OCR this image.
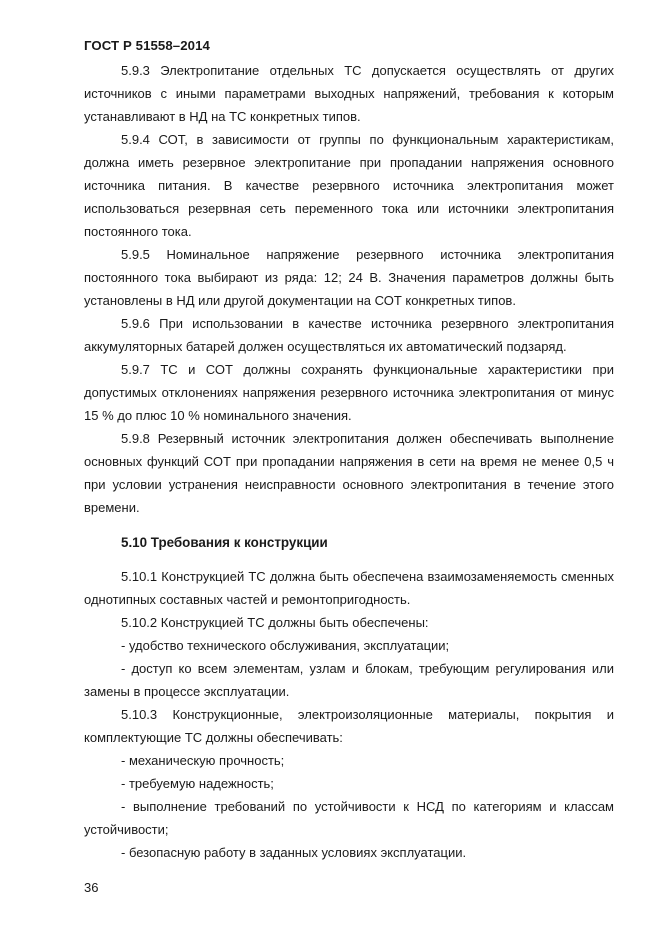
ГОСТ Р 51558–2014

5.9.3 Электропитание отдельных ТС допускается осуществлять от других источников с иными параметрами выходных напряжений, требования к которым устанавливают в НД на ТС конкретных типов.

5.9.4 СОТ, в зависимости от группы по функциональным характеристикам, должна иметь резервное электропитание при пропадании напряжения основного источника питания. В качестве резервного источника электропитания может использоваться резервная сеть переменного тока или источники электропитания постоянного тока.

5.9.5 Номинальное напряжение резервного источника электропитания постоянного тока выбирают из ряда: 12; 24 В. Значения параметров должны быть установлены в НД или другой документации на СОТ конкретных типов.

5.9.6 При использовании в качестве источника резервного электропитания аккумуляторных батарей должен осуществляться их автоматический подзаряд.

5.9.7 ТС и СОТ должны сохранять функциональные характеристики при допустимых отклонениях напряжения резервного источника электропитания от минус 15 % до плюс 10 % номинального значения.

5.9.8 Резервный источник электропитания должен обеспечивать выполнение основных функций СОТ при пропадании напряжения в сети на время не менее 0,5 ч при условии устранения неисправности основного электропитания в течение этого времени.

5.10 Требования к конструкции

5.10.1 Конструкцией ТС должна быть обеспечена взаимозаменяемость сменных однотипных составных частей и ремонтопригодность.

5.10.2 Конструкцией ТС должны быть обеспечены:

- удобство технического обслуживания, эксплуатации;

- доступ ко всем элементам, узлам и блокам, требующим регулирования или замены в процессе эксплуатации.

5.10.3 Конструкционные, электроизоляционные материалы, покрытия и комплектующие ТС должны обеспечивать:

- механическую прочность;

- требуемую надежность;

- выполнение требований по устойчивости к НСД по категориям и классам устойчивости;

- безопасную работу в заданных условиях эксплуатации.

36
